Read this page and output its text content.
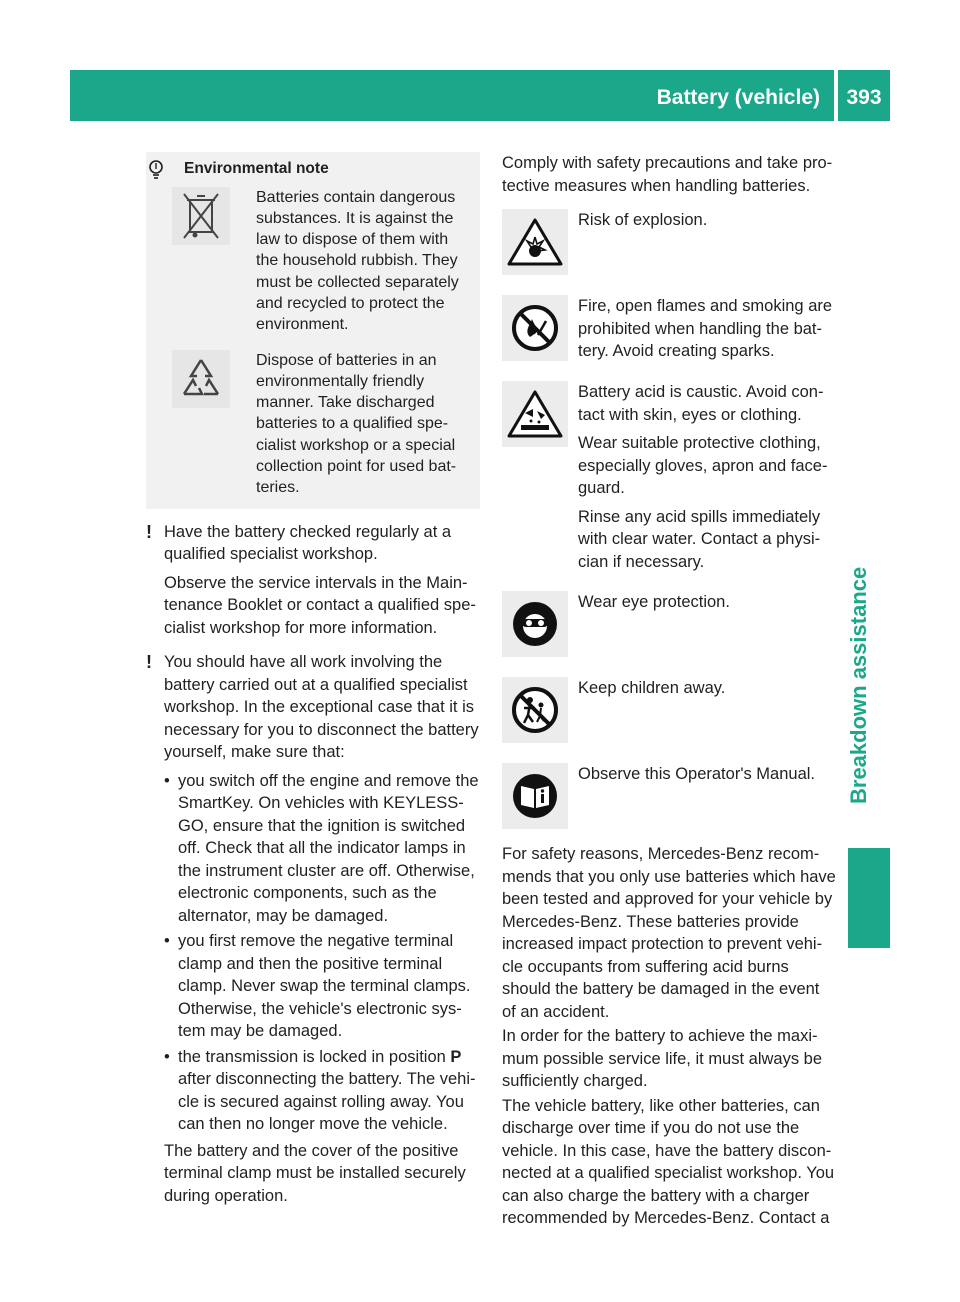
Battery (vehicle)	393
Breakdown assistance
Environmental note
Batteries contain dangerous substances. It is against the law to dispose of them with the household rubbish. They must be collected separately and recycled to protect the environment.
Dispose of batteries in an environmentally friendly manner. Take discharged batteries to a qualified spe-cialist workshop or a special collection point for used bat-teries.
! Have the battery checked regularly at a qualified specialist workshop.

Observe the service intervals in the Main-tenance Booklet or contact a qualified spe-cialist workshop for more information.

! You should have all work involving the battery carried out at a qualified specialist workshop. In the exceptional case that it is necessary for you to disconnect the battery yourself, make sure that:

• you switch off the engine and remove the SmartKey. On vehicles with KEYLESS-GO, ensure that the ignition is switched off. Check that all the indicator lamps in the instrument cluster are off. Otherwise, electronic components, such as the alternator, may be damaged.
• you first remove the negative terminal clamp and then the positive terminal clamp. Never swap the terminal clamps. Otherwise, the vehicle's electronic sys-tem may be damaged.
• the transmission is locked in position P after disconnecting the battery. The vehi-cle is secured against rolling away. You can then no longer move the vehicle.

The battery and the cover of the positive terminal clamp must be installed securely during operation.

Comply with safety precautions and take pro-tective measures when handling batteries.

Risk of explosion.

Fire, open flames and smoking are prohibited when handling the bat-tery. Avoid creating sparks.

Battery acid is caustic. Avoid con-tact with skin, eyes or clothing.

Wear suitable protective clothing, especially gloves, apron and face-guard.

Rinse any acid spills immediately with clear water. Contact a physi-cian if necessary.

Wear eye protection.

Keep children away.

Observe this Operator's Manual.

For safety reasons, Mercedes-Benz recom-mends that you only use batteries which have been tested and approved for your vehicle by Mercedes-Benz. These batteries provide increased impact protection to prevent vehi-cle occupants from suffering acid burns should the battery be damaged in the event of an accident.

In order for the battery to achieve the maxi-mum possible service life, it must always be sufficiently charged.

The vehicle battery, like other batteries, can discharge over time if you do not use the vehicle. In this case, have the battery discon-nected at a qualified specialist workshop. You can also charge the battery with a charger recommended by Mercedes-Benz. Contact a
